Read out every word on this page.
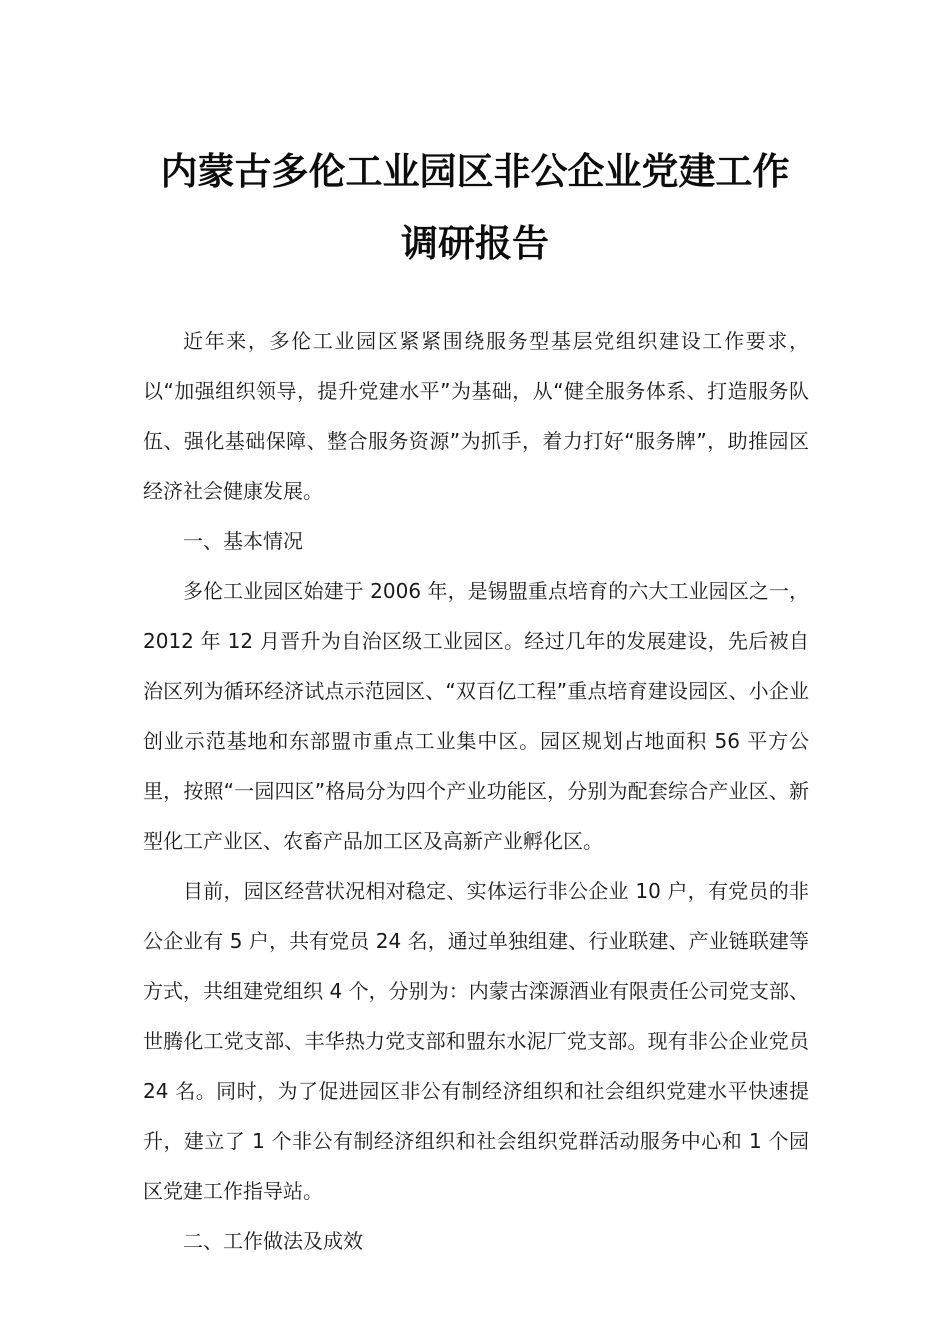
内蒙古多伦工业园区非公企业党建工作
调研报告

近年来，多伦工业园区紧紧围绕服务型基层党组织建设工作要求，以“加强组织领导，提升党建水平”为基础，从“健全服务体系、打造服务队伍、强化基础保障、整合服务资源”为抓手，着力打好“服务牌”，助推园区经济社会健康发展。

一、基本情况

多伦工业园区始建于 2006 年，是锡盟重点培育的六大工业园区之一，2012 年 12 月晋升为自治区级工业园区。经过几年的发展建设，先后被自治区列为循环经济试点示范园区、“双百亿工程”重点培育建设园区、小企业创业示范基地和东部盟市重点工业集中区。园区规划占地面积 56 平方公里，按照“一园四区”格局分为四个产业功能区，分别为配套综合产业区、新型化工产业区、农畜产品加工区及高新产业孵化区。

目前，园区经营状况相对稳定、实体运行非公企业 10 户，有党员的非公企业有 5 户，共有党员 24 名，通过单独组建、行业联建、产业链联建等方式，共组建党组织 4 个，分别为：内蒙古滦源酒业有限责任公司党支部、世腾化工党支部、丰华热力党支部和盟东水泥厂党支部。现有非公企业党员 24 名。同时，为了促进园区非公有制经济组织和社会组织党建水平快速提升，建立了 1 个非公有制经济组织和社会组织党群活动服务中心和 1 个园区党建工作指导站。

二、工作做法及成效
